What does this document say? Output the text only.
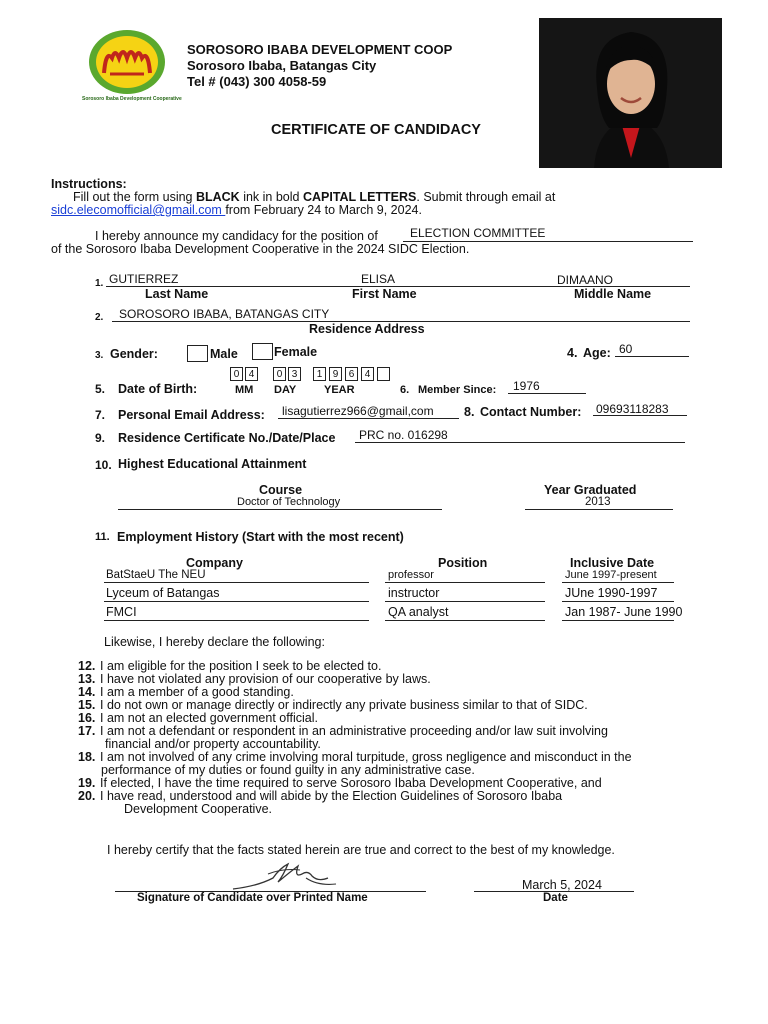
Sorosoro Ibaba Development Cooperative
SOROSORO IBABA DEVELOPMENT COOP
Sorosoro Ibaba, Batangas City
Tel # (043) 300 4058-59
CERTIFICATE OF CANDIDACY
Instructions:
Fill out the form using BLACK ink in bold CAPITAL LETTERS. Submit through email at
sidc.elecomofficial@gmail.com from February 24 to March 9, 2024.
I hereby announce my candidacy for the position of	ELECTION COMMITTEE
of the Sorosoro Ibaba Development Cooperative in the 2024 SIDC Election.
1. GUTIERREZ	ELISA	DIMAANO
Last Name	First Name	Middle Name
2. SOROSORO IBABA, BATANGAS CITY
Residence Address
3. Gender:	Male	Female	4. Age: 60
0 4	0 3	1	9	6	4
5. Date of Birth:	MM DAY	YEAR	6. Member Since: 1976
7. Personal Email Address: lisagutierrez966@gmail,com 8. Contact Number: 09693118283
9. Residence Certificate No./Date/Place PRC no. 016298
10. Highest Educational Attainment
Course	Year Graduated
Doctor of Technology	2013
11. Employment History (Start with the most recent)
Company	Position	Inclusive Date
BatStaeU The NEU	professor	June 1997-present
Lyceum of Batangas	instructor	JUne 1990-1997
FMCI	QA analyst	Jan 1987- June 1990
Likewise, I hereby declare the following:
12. I am eligible for the position I seek to be elected to.
13. I have not violated any provision of our cooperative by laws.
14. I am a member of a good standing.
15. I do not own or manage directly or indirectly any private business similar to that of SIDC.
16. I am not an elected government official.
17. I am not a defendant or respondent in an administrative proceeding and/or law suit involving
financial and/or property accountability.
18. I am not involved of any crime involving moral turpitude, gross negligence and misconduct in the
performance of my duties or found guilty in any administrative case.
19. If elected, I have the time required to serve Sorosoro Ibaba Development Cooperative, and
20. I have read, understood and will abide by the Election Guidelines of Sorosoro Ibaba
Development Cooperative.
I hereby certify that the facts stated herein are true and correct to the best of my knowledge.
Signature of Candidate over Printed Name
March 5, 2024
Date
